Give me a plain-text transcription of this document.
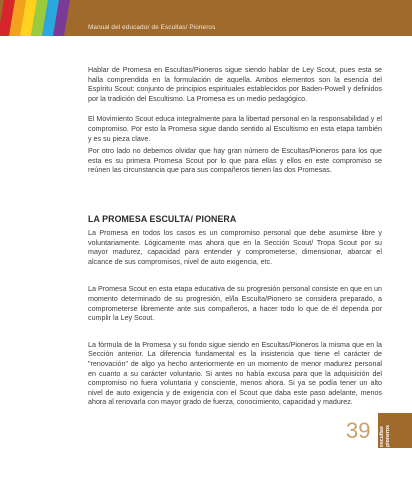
Manual del educador de Escultas/ Pioneros

Hablar de Promesa en Escultas/Pioneros sigue siendo hablar de Ley Scout, pues esta se halla comprendida en la formulación de aquella. Ambos elementos son la esencia del Espíritu Scout: conjunto de principios espirituales establecidos por Baden-Powell y definidos por la tradición del Escultismo. La Promesa es un medio pedagógico.

El Movimiento Scout educa integralmente para la libertad personal en la responsabilidad y el compromiso. Por esto la Promesa sigue dando sentido al Escultismo en esta etapa también y es su pieza clave.

Por otro lado no debemos olvidar que hay gran número de Escultas/Pioneros para los que esta es su primera Promesa Scout por lo que para ellas y ellos en este compromiso se reúnen las circunstancia que para sus compañeros tienen las dos Promesas.

LA PROMESA ESCULTA/ PIONERA

La Promesa en todos los casos es un compromiso personal que debe asumirse libre y voluntariamente. Lógicamente mas ahora que en la Sección Scout/ Tropa Scout por su mayor madurez, capacidad para entender y comprometerse, dimensionar, abarcar el alcance de sus compromisos, nivel de auto exigencia, etc.

La Promesa Scout en esta etapa educativa de su progresión personal consiste en que en un momento determinado de su progresión, el/la Esculta/Pionero se considera preparado, a comprometerse libremente ante sus compañeros, a hacer todo lo que de él dependa por cumplir la Ley Scout.

La fórmula de la Promesa y su fondo sigue siendo en Escultas/Pioneros la misma que en la Sección anterior. La diferencia fundamental es la insistencia que tiene el carácter de "renovación" de algo ya hecho anteriormente en un momento de menor madurez personal en cuanto a su carácter voluntario. Si antes no había excusa para que la adquisición del compromiso no fuera voluntaria y consciente, menos ahora. Si ya se podía tener un alto nivel de auto exigencia y de exigencia con el Scout que daba este paso adelante, menos ahora al renovarla con mayor grado de fuerza, conocimiento, capacidad y madurez.

39 escultas
pioneros
